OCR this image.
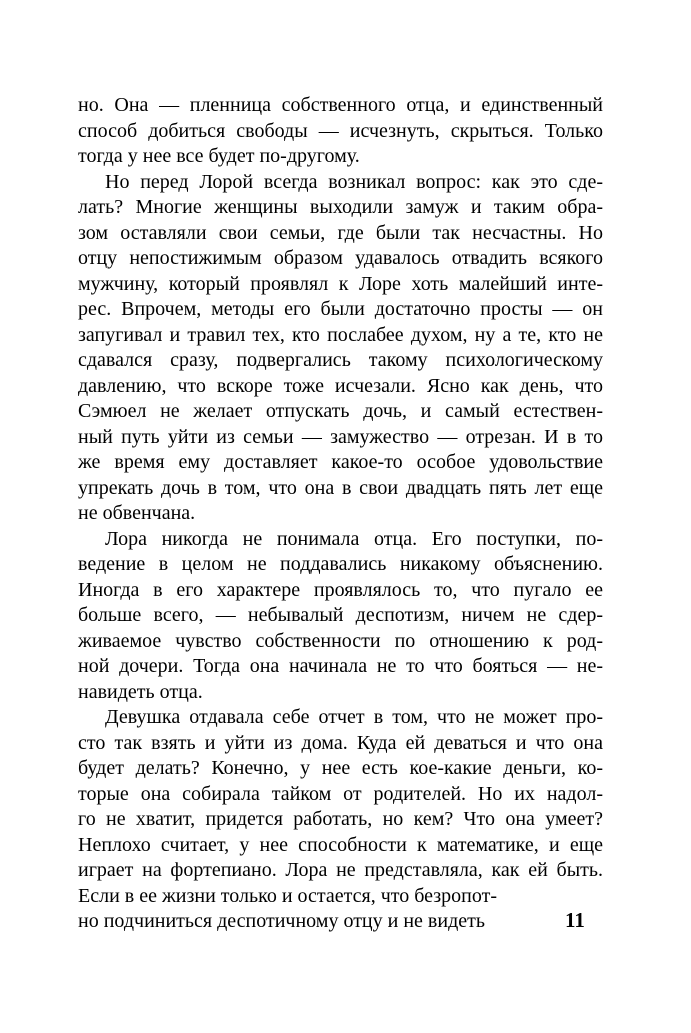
но. Она — пленница собственного отца, и единственный
способ добиться свободы — исчезнуть, скрыться. Только
тогда у нее все будет по-другому.
Но перед Лорой всегда возникал вопрос: как это сде-
лать? Многие женщины выходили замуж и таким обра-
зом оставляли свои семьи, где были так несчастны. Но
отцу непостижимым образом удавалось отвадить всякого
мужчину, который проявлял к Лоре хоть малейший инте-
рес. Впрочем, методы его были достаточно просты — он
запугивал и травил тех, кто послабее духом, ну а те, кто не
сдавался сразу, подвергались такому психологическому
давлению, что вскоре тоже исчезали. Ясно как день, что
Сэмюел не желает отпускать дочь, и самый естествен-
ный путь уйти из семьи — замужество — отрезан. И в то
же время ему доставляет какое-то особое удовольствие
упрекать дочь в том, что она в свои двадцать пять лет еще
не обвенчана.
Лора никогда не понимала отца. Его поступки, по-
ведение в целом не поддавались никакому объяснению.
Иногда в его характере проявлялось то, что пугало ее
больше всего, — небывалый деспотизм, ничем не сдер-
живаемое чувство собственности по отношению к род-
ной дочери. Тогда она начинала не то что бояться — не-
навидеть отца.
Девушка отдавала себе отчет в том, что не может про-
сто так взять и уйти из дома. Куда ей деваться и что она
будет делать? Конечно, у нее есть кое-какие деньги, ко-
торые она собирала тайком от родителей. Но их надол-
го не хватит, придется работать, но кем? Что она умеет?
Неплохо считает, у нее способности к математике, и еще
играет на фортепиано. Лора не представляла, как ей быть.
Если в ее жизни только и остается, что безропот-
но подчиниться деспотичному отцу и не видеть	11
